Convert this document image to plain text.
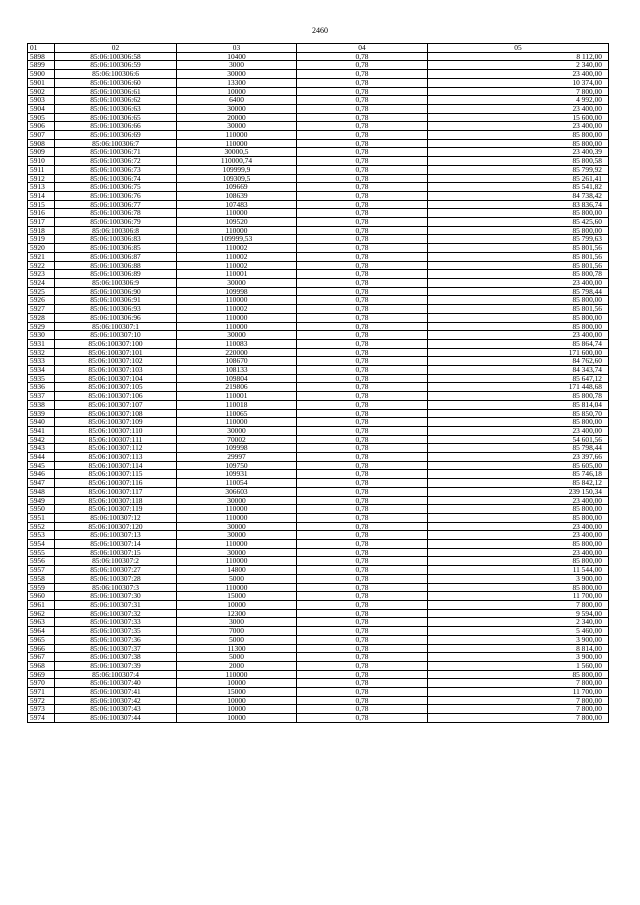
2460
01	02	03	04	05
5898	85:06:100306:58	10400	0,78	8 112,00
5899	85:06:100306:59	3000	0,78	2 340,00
5900	85:06:100306:6	30000	0,78	23 400,00
5901	85:06:100306:60	13300	0,78	10 374,00
5902	85:06:100306:61	10000	0,78	7 800,00
5903	85:06:100306:62	6400	0,78	4 992,00
5904	85:06:100306:63	30000	0,78	23 400,00
5905	85:06:100306:65	20000	0,78	15 600,00
5906	85:06:100306:66	30000	0,78	23 400,00
5907	85:06:100306:69	110000	0,78	85 800,00
5908	85:06:100306:7	110000	0,78	85 800,00
5909	85:06:100306:71	30000,5	0,78	23 400,39
5910	85:06:100306:72	110000,74	0,78	85 800,58
5911	85:06:100306:73	109999,9	0,78	85 799,92
5912	85:06:100306:74	109309,5	0,78	85 261,41
5913	85:06:100306:75	109669	0,78	85 541,82
5914	85:06:100306:76	108639	0,78	84 738,42
5915	85:06:100306:77	107483	0,78	83 836,74
5916	85:06:100306:78	110000	0,78	85 800,00
5917	85:06:100306:79	109520	0,78	85 425,60
5918	85:06:100306:8	110000	0,78	85 800,00
5919	85:06:100306:83	109999,53	0,78	85 799,63
5920	85:06:100306:85	110002	0,78	85 801,56
5921	85:06:100306:87	110002	0,78	85 801,56
5922	85:06:100306:88	110002	0,78	85 801,56
5923	85:06:100306:89	110001	0,78	85 800,78
5924	85:06:100306:9	30000	0,78	23 400,00
5925	85:06:100306:90	109998	0,78	85 798,44
5926	85:06:100306:91	110000	0,78	85 800,00
5927	85:06:100306:93	110002	0,78	85 801,56
5928	85:06:100306:96	110000	0,78	85 800,00
5929	85:06:100307:1	110000	0,78	85 800,00
5930	85:06:100307:10	30000	0,78	23 400,00
5931	85:06:100307:100	110083	0,78	85 864,74
5932	85:06:100307:101	220000	0,78	171 600,00
5933	85:06:100307:102	108670	0,78	84 762,60
5934	85:06:100307:103	108133	0,78	84 343,74
5935	85:06:100307:104	109804	0,78	85 647,12
5936	85:06:100307:105	219806	0,78	171 448,68
5937	85:06:100307:106	110001	0,78	85 800,78
5938	85:06:100307:107	110018	0,78	85 814,04
5939	85:06:100307:108	110065	0,78	85 850,70
5940	85:06:100307:109	110000	0,78	85 800,00
5941	85:06:100307:110	30000	0,78	23 400,00
5942	85:06:100307:111	70002	0,78	54 601,56
5943	85:06:100307:112	109998	0,78	85 798,44
5944	85:06:100307:113	29997	0,78	23 397,66
5945	85:06:100307:114	109750	0,78	85 605,00
5946	85:06:100307:115	109931	0,78	85 746,18
5947	85:06:100307:116	110054	0,78	85 842,12
5948	85:06:100307:117	306603	0,78	239 150,34
5949	85:06:100307:118	30000	0,78	23 400,00
5950	85:06:100307:119	110000	0,78	85 800,00
5951	85:06:100307:12	110000	0,78	85 800,00
5952	85:06:100307:120	30000	0,78	23 400,00
5953	85:06:100307:13	30000	0,78	23 400,00
5954	85:06:100307:14	110000	0,78	85 800,00
5955	85:06:100307:15	30000	0,78	23 400,00
5956	85:06:100307:2	110000	0,78	85 800,00
5957	85:06:100307:27	14800	0,78	11 544,00
5958	85:06:100307:28	5000	0,78	3 900,00
5959	85:06:100307:3	110000	0,78	85 800,00
5960	85:06:100307:30	15000	0,78	11 700,00
5961	85:06:100307:31	10000	0,78	7 800,00
5962	85:06:100307:32	12300	0,78	9 594,00
5963	85:06:100307:33	3000	0,78	2 340,00
5964	85:06:100307:35	7000	0,78	5 460,00
5965	85:06:100307:36	5000	0,78	3 900,00
5966	85:06:100307:37	11300	0,78	8 814,00
5967	85:06:100307:38	5000	0,78	3 900,00
5968	85:06:100307:39	2000	0,78	1 560,00
5969	85:06:100307:4	110000	0,78	85 800,00
5970	85:06:100307:40	10000	0,78	7 800,00
5971	85:06:100307:41	15000	0,78	11 700,00
5972	85:06:100307:42	10000	0,78	7 800,00
5973	85:06:100307:43	10000	0,78	7 800,00
5974	85:06:100307:44	10000	0,78	7 800,00
